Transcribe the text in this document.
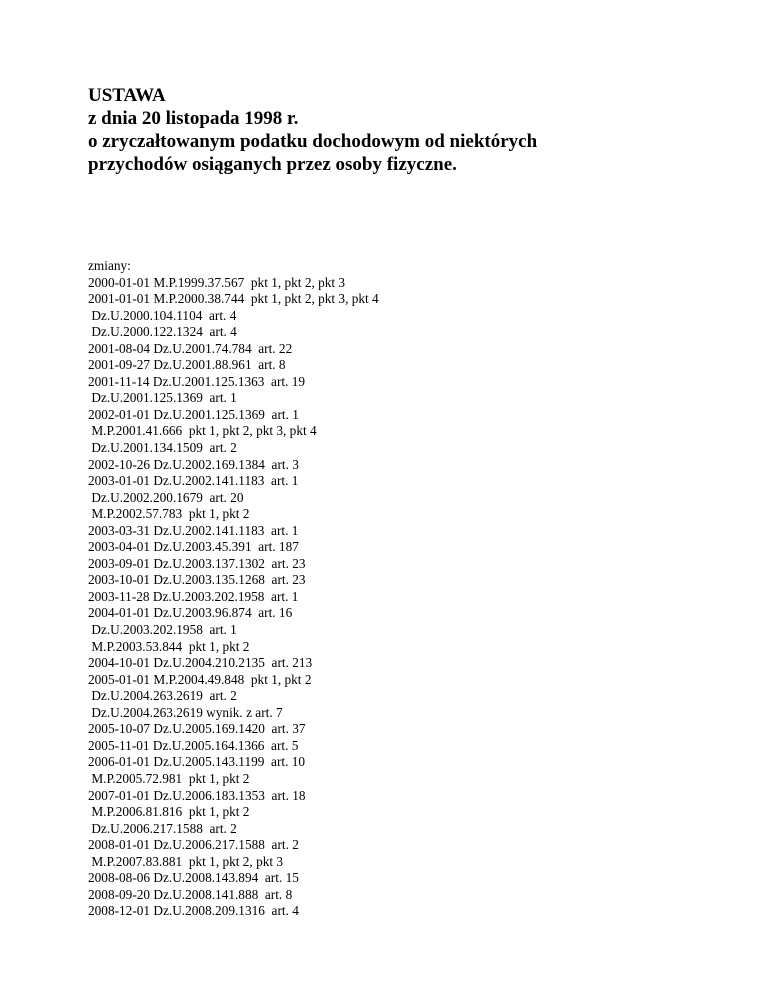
USTAWA
z dnia 20 listopada 1998 r.
o zryczałtowanym podatku dochodowym od niektórych
przychodów osiąganych przez osoby fizyczne.
zmiany:
2000-01-01 M.P.1999.37.567  pkt 1, pkt 2, pkt 3
2001-01-01 M.P.2000.38.744  pkt 1, pkt 2, pkt 3, pkt 4
Dz.U.2000.104.1104  art. 4
Dz.U.2000.122.1324  art. 4
2001-08-04 Dz.U.2001.74.784  art. 22
2001-09-27 Dz.U.2001.88.961  art. 8
2001-11-14 Dz.U.2001.125.1363  art. 19
Dz.U.2001.125.1369  art. 1
2002-01-01 Dz.U.2001.125.1369  art. 1
M.P.2001.41.666  pkt 1, pkt 2, pkt 3, pkt 4
Dz.U.2001.134.1509  art. 2
2002-10-26 Dz.U.2002.169.1384  art. 3
2003-01-01 Dz.U.2002.141.1183  art. 1
Dz.U.2002.200.1679  art. 20
M.P.2002.57.783  pkt 1, pkt 2
2003-03-31 Dz.U.2002.141.1183  art. 1
2003-04-01 Dz.U.2003.45.391  art. 187
2003-09-01 Dz.U.2003.137.1302  art. 23
2003-10-01 Dz.U.2003.135.1268  art. 23
2003-11-28 Dz.U.2003.202.1958  art. 1
2004-01-01 Dz.U.2003.96.874  art. 16
Dz.U.2003.202.1958  art. 1
M.P.2003.53.844  pkt 1, pkt 2
2004-10-01 Dz.U.2004.210.2135  art. 213
2005-01-01 M.P.2004.49.848  pkt 1, pkt 2
Dz.U.2004.263.2619  art. 2
Dz.U.2004.263.2619 wynik. z art. 7
2005-10-07 Dz.U.2005.169.1420  art. 37
2005-11-01 Dz.U.2005.164.1366  art. 5
2006-01-01 Dz.U.2005.143.1199  art. 10
M.P.2005.72.981  pkt 1, pkt 2
2007-01-01 Dz.U.2006.183.1353  art. 18
M.P.2006.81.816  pkt 1, pkt 2
Dz.U.2006.217.1588  art. 2
2008-01-01 Dz.U.2006.217.1588  art. 2
M.P.2007.83.881  pkt 1, pkt 2, pkt 3
2008-08-06 Dz.U.2008.143.894  art. 15
2008-09-20 Dz.U.2008.141.888  art. 8
2008-12-01 Dz.U.2008.209.1316  art. 4
